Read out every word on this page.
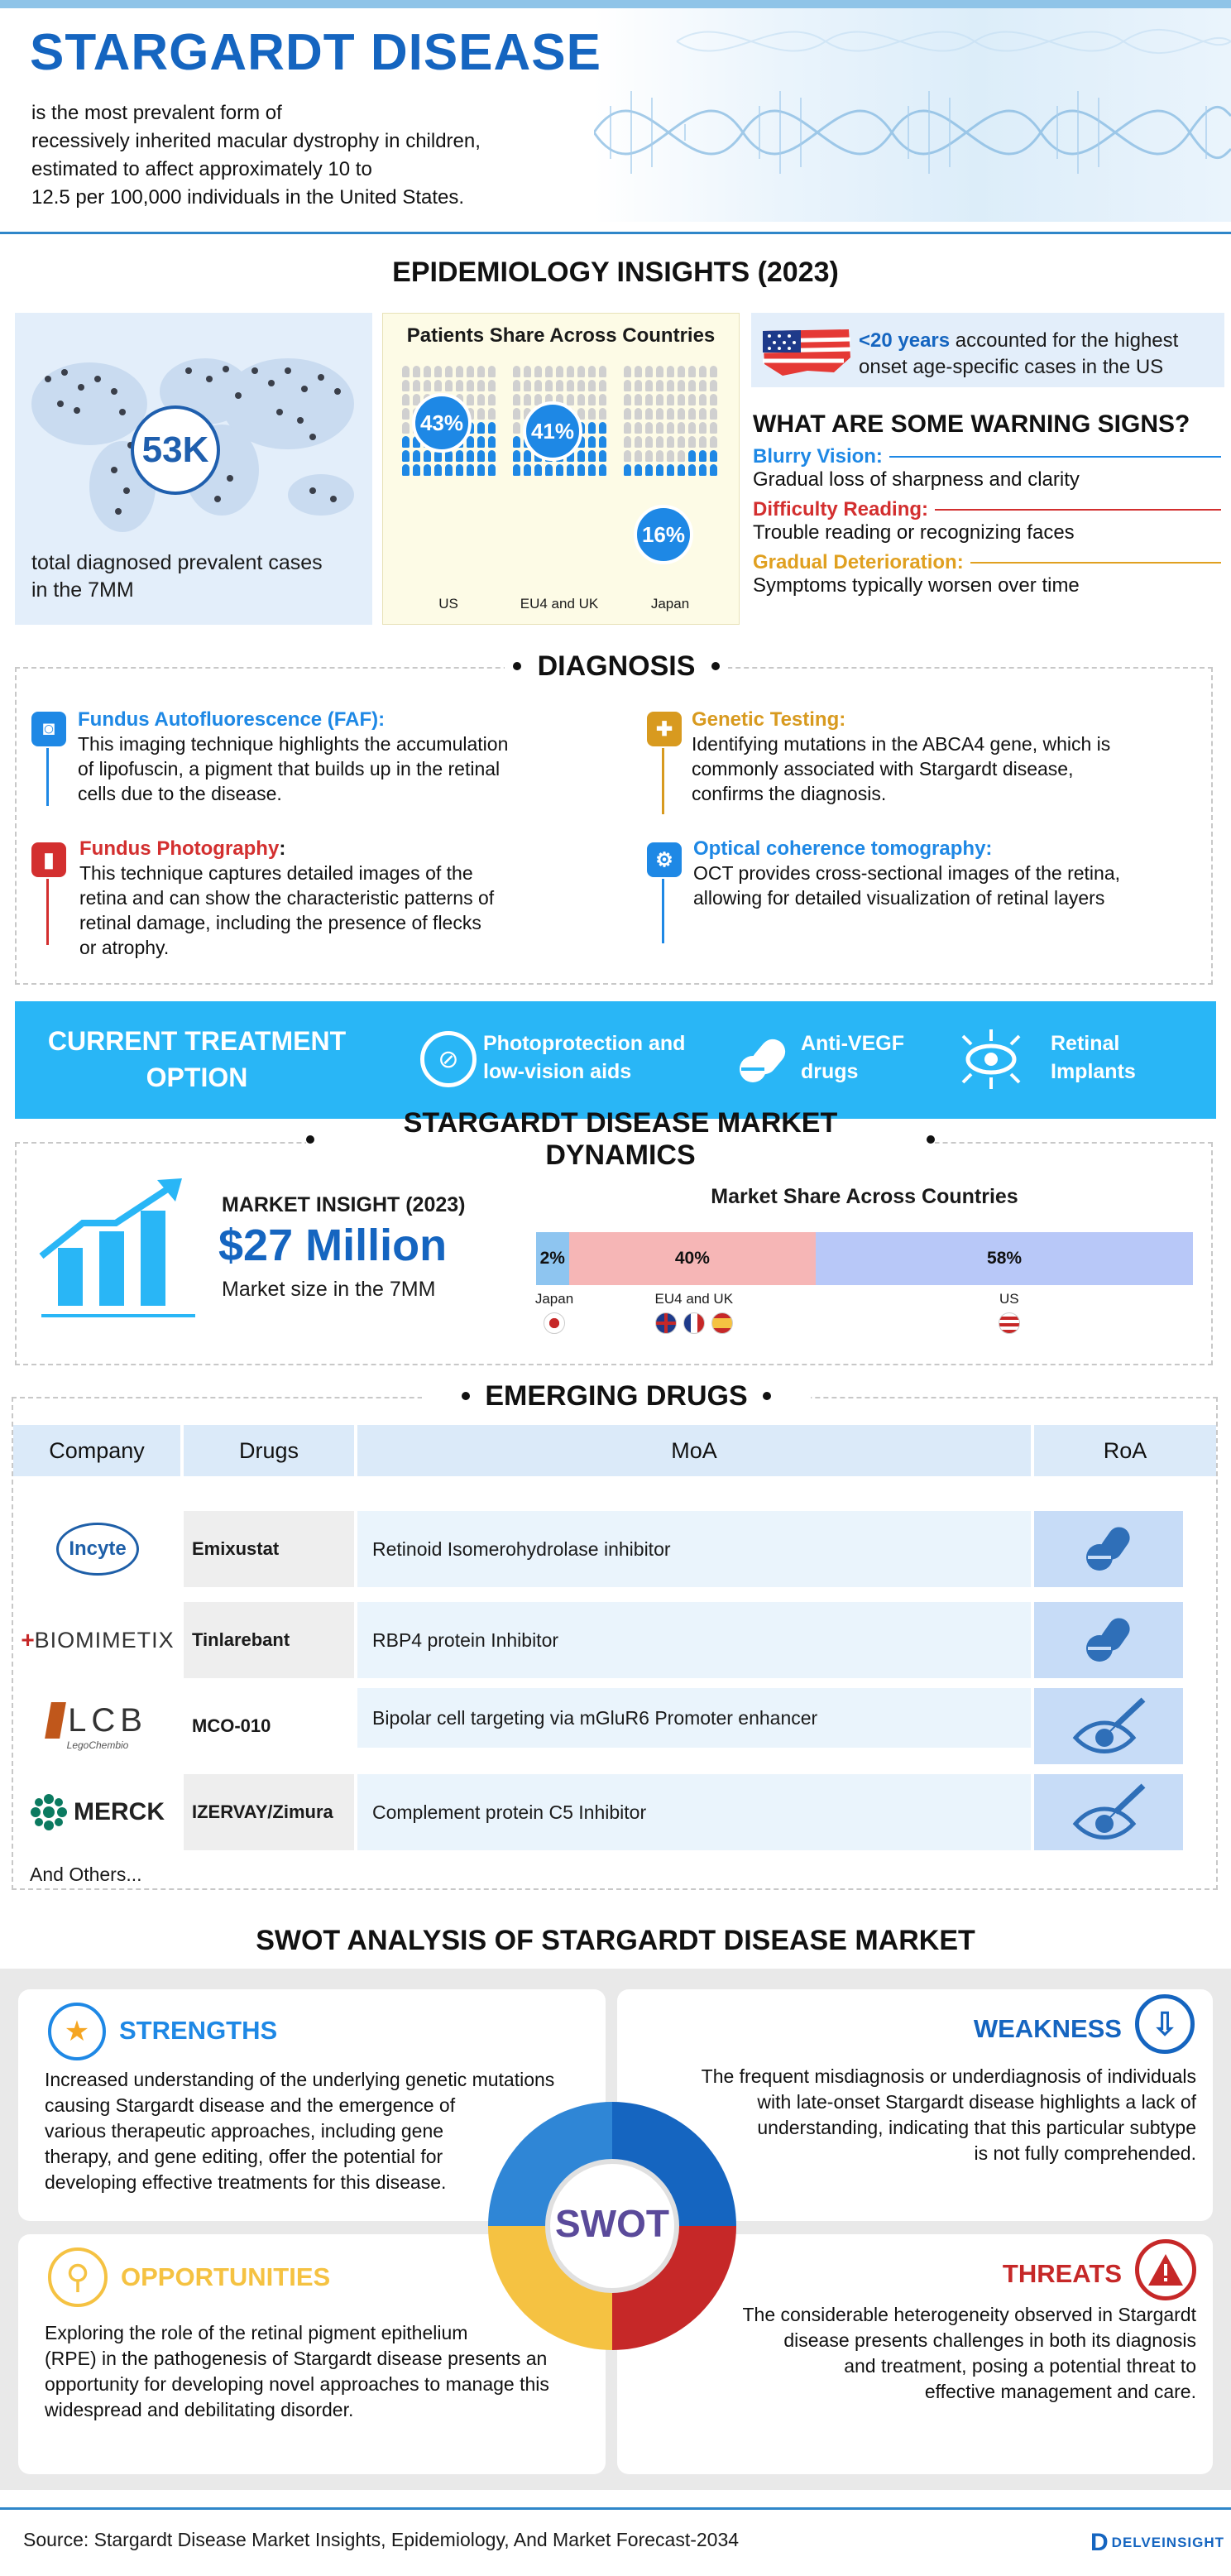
STARGARDT DISEASE
is the most prevalent form of
recessively inherited macular dystrophy in children,
estimated to affect approximately 10 to
12.5 per 100,000 individuals in the United States.
EPIDEMIOLOGY INSIGHTS (2023)
53K
total diagnosed prevalent cases
in the 7MM
Patients Share Across Countries
43%
US
41%
EU4 and UK
16%
Japan
<20 years accounted for the highest
onset age-specific cases in the US
WHAT ARE SOME WARNING SIGNS?
Blurry Vision:
Gradual loss of sharpness and clarity
Difficulty Reading:
Trouble reading or recognizing faces
Gradual Deterioration:
Symptoms typically worsen over time
DIAGNOSIS
◙	Fundus Autofluorescence (FAF):
This imaging technique highlights the accumulation
of lipofuscin, a pigment that builds up in the retinal
cells due to the disease.
✚ Genetic Testing:
Identifying mutations in the ABCA4 gene, which is
commonly associated with Stargardt disease,
confirms the diagnosis.
▮	Fundus Photography:
This technique captures detailed images of the
retina and can show the characteristic patterns of
retinal damage, including the presence of flecks
or atrophy.
⚙	Optical coherence tomography:
OCT provides cross-sectional images of the retina,
allowing for detailed visualization of retinal layers
CURRENT TREATMENT
OPTION
⊘
Photoprotection and
low-vision aids
Anti-VEGF
drugs
Retinal
Implants
STARGARDT DISEASE MARKET DYNAMICS
MARKET INSIGHT (2023)
$27 Million
Market size in the 7MM
Market Share Across Countries
2%	40%	58%
Japan	EU4 and UK	US
EMERGING DRUGS
Company	Drugs	MoA	RoA
Incyte	Emixustat	Retinoid Isomerohydrolase inhibitor
+ BIOMIMETIX Tinlarebant	RBP4 protein Inhibitor
LCB
LegoChembio
MCO-010	Bipolar cell targeting via mGluR6 Promoter enhancer
MERCK	IZERVAY/Zimura	Complement protein C5 Inhibitor
And Others...
SWOT ANALYSIS OF STARGARDT DISEASE MARKET
SWOT
★	STRENGTHS
Increased understanding of the underlying genetic mutations
causing Stargardt disease and the emergence of
various therapeutic approaches, including gene
therapy, and gene editing, offer the potential for
developing effective treatments for this disease.
WEAKNESS ⇩
The frequent misdiagnosis or underdiagnosis of individuals
with late-onset Stargardt disease highlights a lack of
understanding, indicating that this particular subtype
is not fully comprehended.
⚲	OPPORTUNITIES
Exploring the role of the retinal pigment epithelium
(RPE) in the pathogenesis of Stargardt disease presents an
opportunity for developing novel approaches to manage this
widespread and debilitating disorder.
THREATS
The considerable heterogeneity observed in Stargardt
disease presents challenges in both its diagnosis
and treatment, posing a potential threat to
effective management and care.
Source: Stargardt Disease Market Insights, Epidemiology, And Market Forecast-2034	D DELVEINSIGHT
